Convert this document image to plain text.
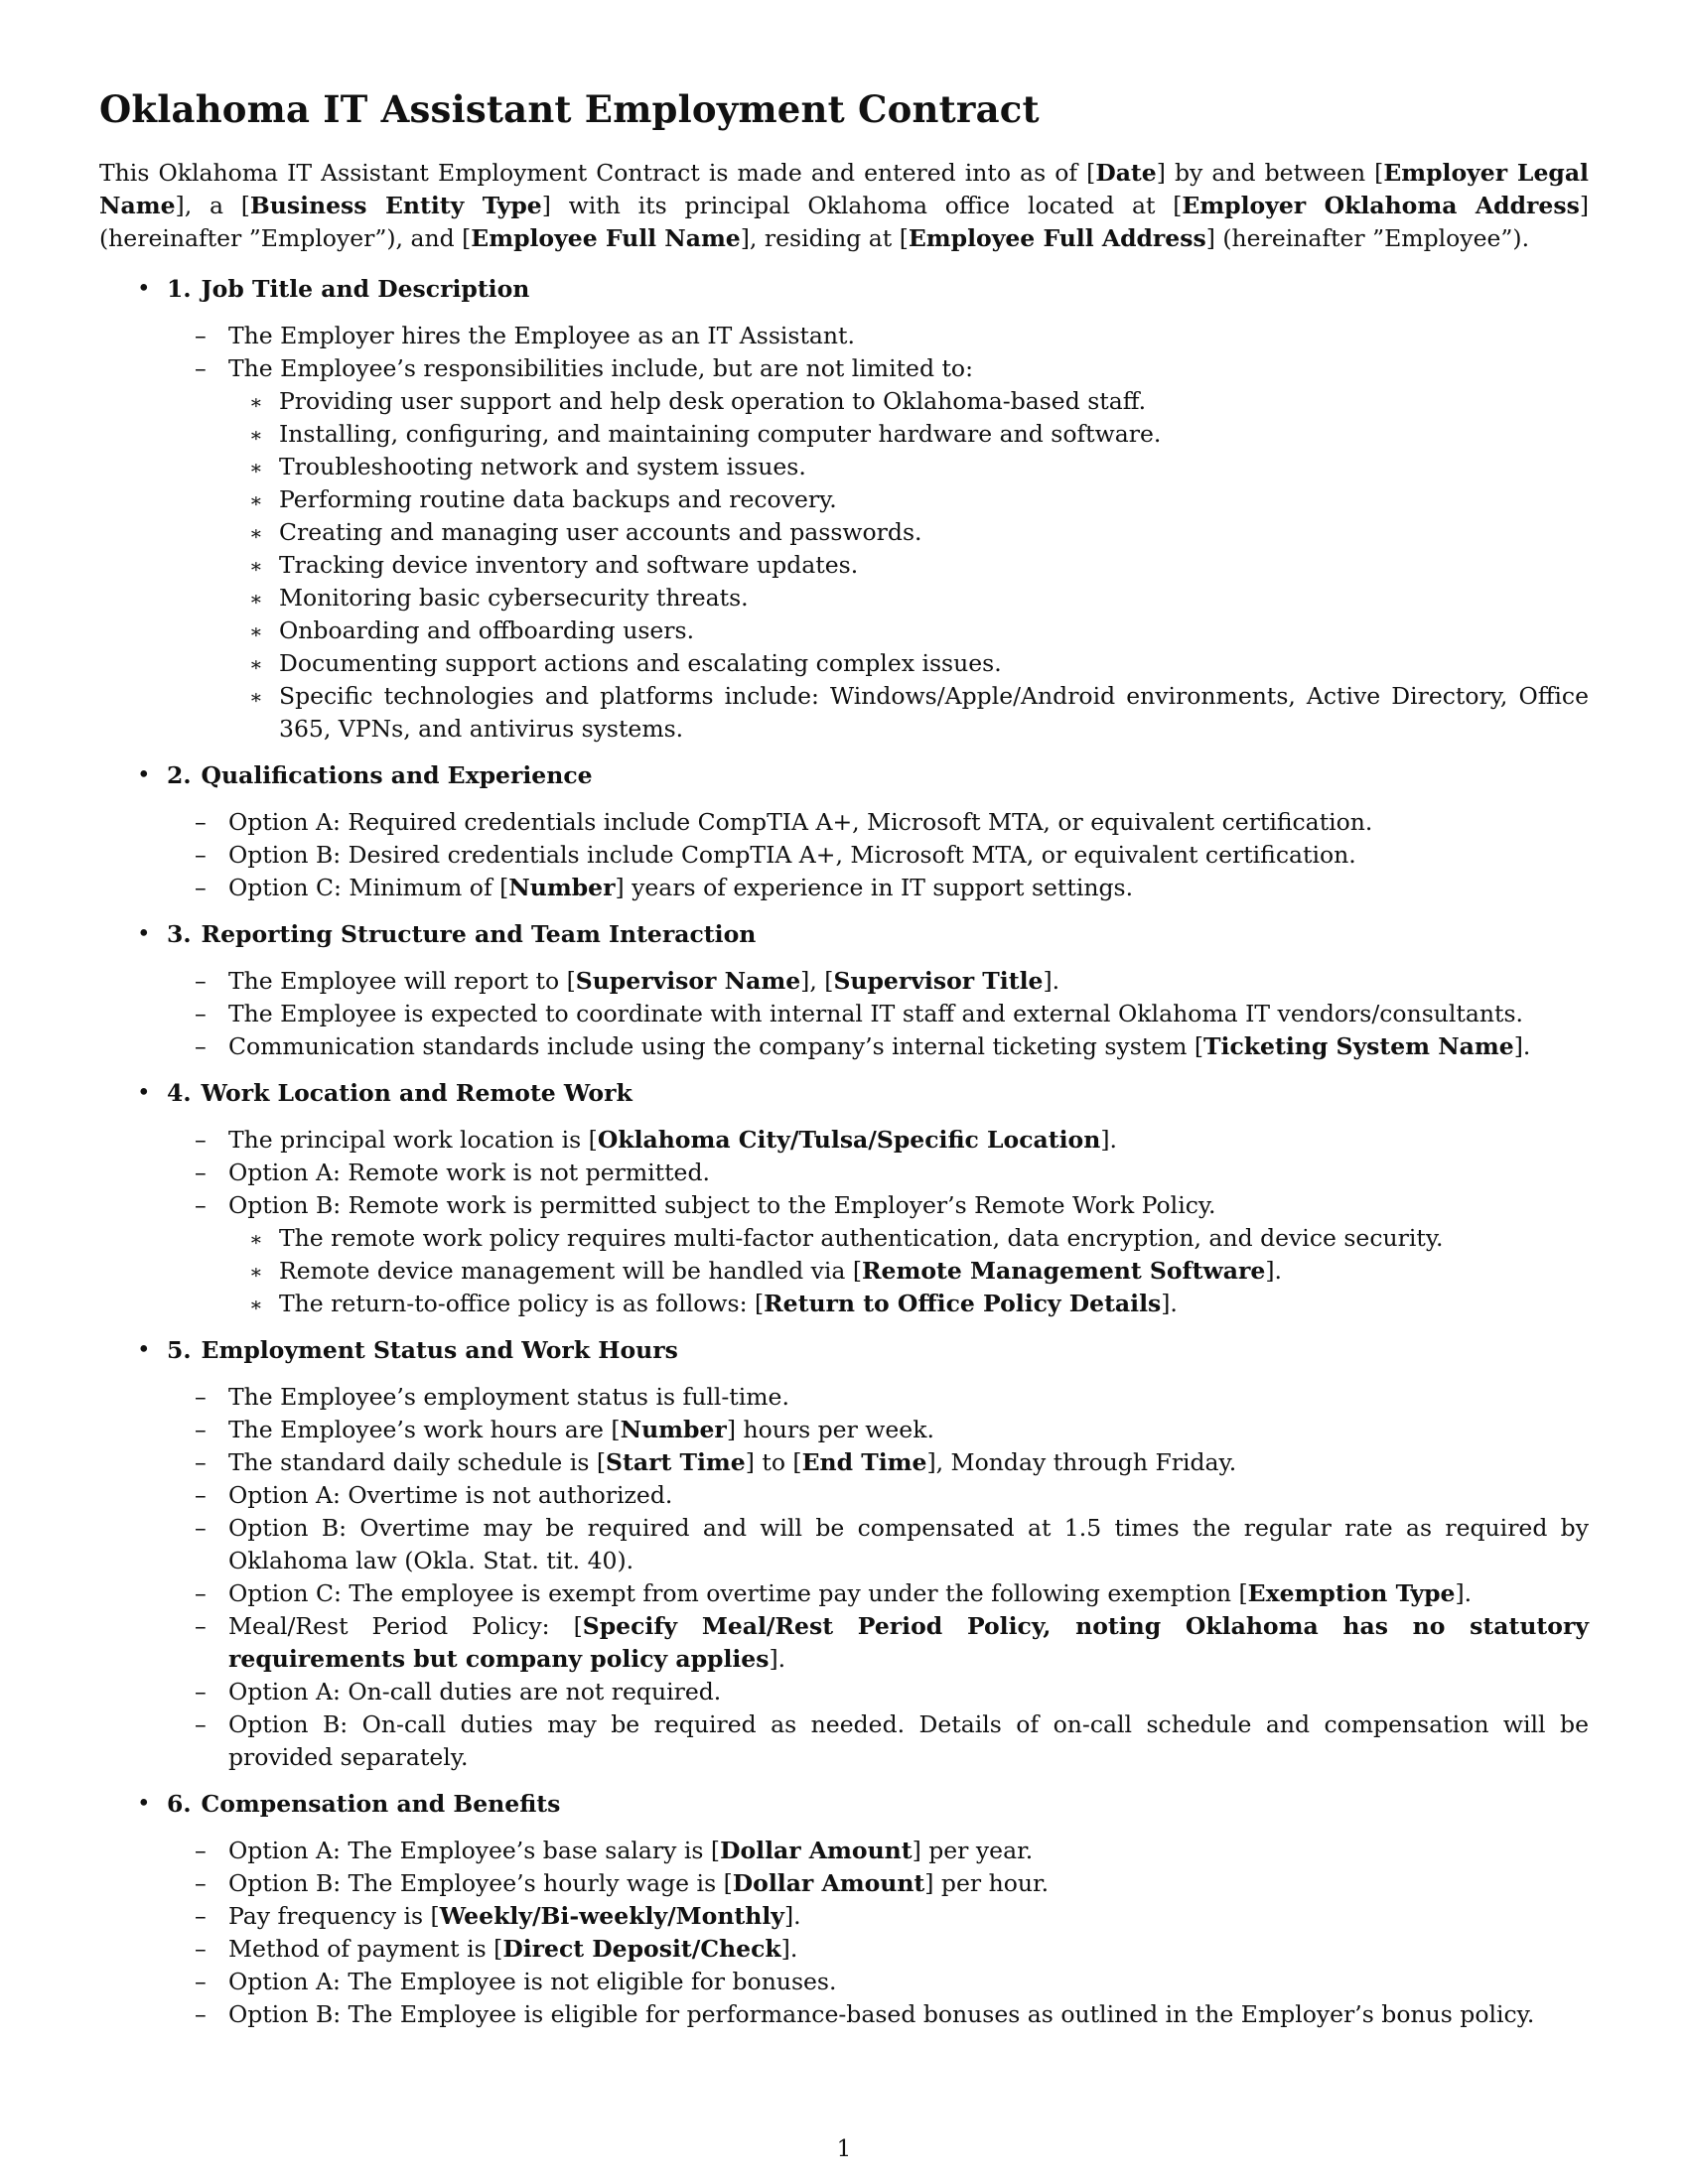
Oklahoma IT Assistant Employment Contract

This Oklahoma IT Assistant Employment Contract is made and entered into as of [Date] by and between [Employer Legal Name], a [Business Entity Type] with its principal Oklahoma office located at [Employer Oklahoma Address] (hereinafter ”Employer”), and [Employee Full Name], residing at [Employee Full Address] (hereinafter ”Employee”).

• 1. Job Title and Description
– The Employer hires the Employee as an IT Assistant.
– The Employee’s responsibilities include, but are not limited to:
∗ Providing user support and help desk operation to Oklahoma-based staff.
∗ Installing, configuring, and maintaining computer hardware and software.
∗ Troubleshooting network and system issues.
∗ Performing routine data backups and recovery.
∗ Creating and managing user accounts and passwords.
∗ Tracking device inventory and software updates.
∗ Monitoring basic cybersecurity threats.
∗ Onboarding and offboarding users.
∗ Documenting support actions and escalating complex issues.
∗ Specific technologies and platforms include: Windows/Apple/Android environments, Active Directory, Office 365, VPNs, and antivirus systems.
• 2. Qualifications and Experience
– Option A: Required credentials include CompTIA A+, Microsoft MTA, or equivalent certification.
– Option B: Desired credentials include CompTIA A+, Microsoft MTA, or equivalent certification.
– Option C: Minimum of [Number] years of experience in IT support settings.
• 3. Reporting Structure and Team Interaction
– The Employee will report to [Supervisor Name], [Supervisor Title].
– The Employee is expected to coordinate with internal IT staff and external Oklahoma IT vendors/consultants.
– Communication standards include using the company’s internal ticketing system [Ticketing System Name].
• 4. Work Location and Remote Work
– The principal work location is [Oklahoma City/Tulsa/Specific Location].
– Option A: Remote work is not permitted.
– Option B: Remote work is permitted subject to the Employer’s Remote Work Policy.
∗ The remote work policy requires multi-factor authentication, data encryption, and device security.
∗ Remote device management will be handled via [Remote Management Software].
∗ The return-to-office policy is as follows: [Return to Office Policy Details].
• 5. Employment Status and Work Hours
– The Employee’s employment status is full-time.
– The Employee’s work hours are [Number] hours per week.
– The standard daily schedule is [Start Time] to [End Time], Monday through Friday.
– Option A: Overtime is not authorized.
– Option B: Overtime may be required and will be compensated at 1.5 times the regular rate as required by Oklahoma law (Okla. Stat. tit. 40).
– Option C: The employee is exempt from overtime pay under the following exemption [Exemption Type].
– Meal/Rest Period Policy: [Specify Meal/Rest Period Policy, noting Oklahoma has no statutory requirements but company policy applies].
– Option A: On-call duties are not required.
– Option B: On-call duties may be required as needed. Details of on-call schedule and compensation will be provided separately.
• 6. Compensation and Benefits
– Option A: The Employee’s base salary is [Dollar Amount] per year.
– Option B: The Employee’s hourly wage is [Dollar Amount] per hour.
– Pay frequency is [Weekly/Bi-weekly/Monthly].
– Method of payment is [Direct Deposit/Check].
– Option A: The Employee is not eligible for bonuses.
– Option B: The Employee is eligible for performance-based bonuses as outlined in the Employer’s bonus policy.
1
